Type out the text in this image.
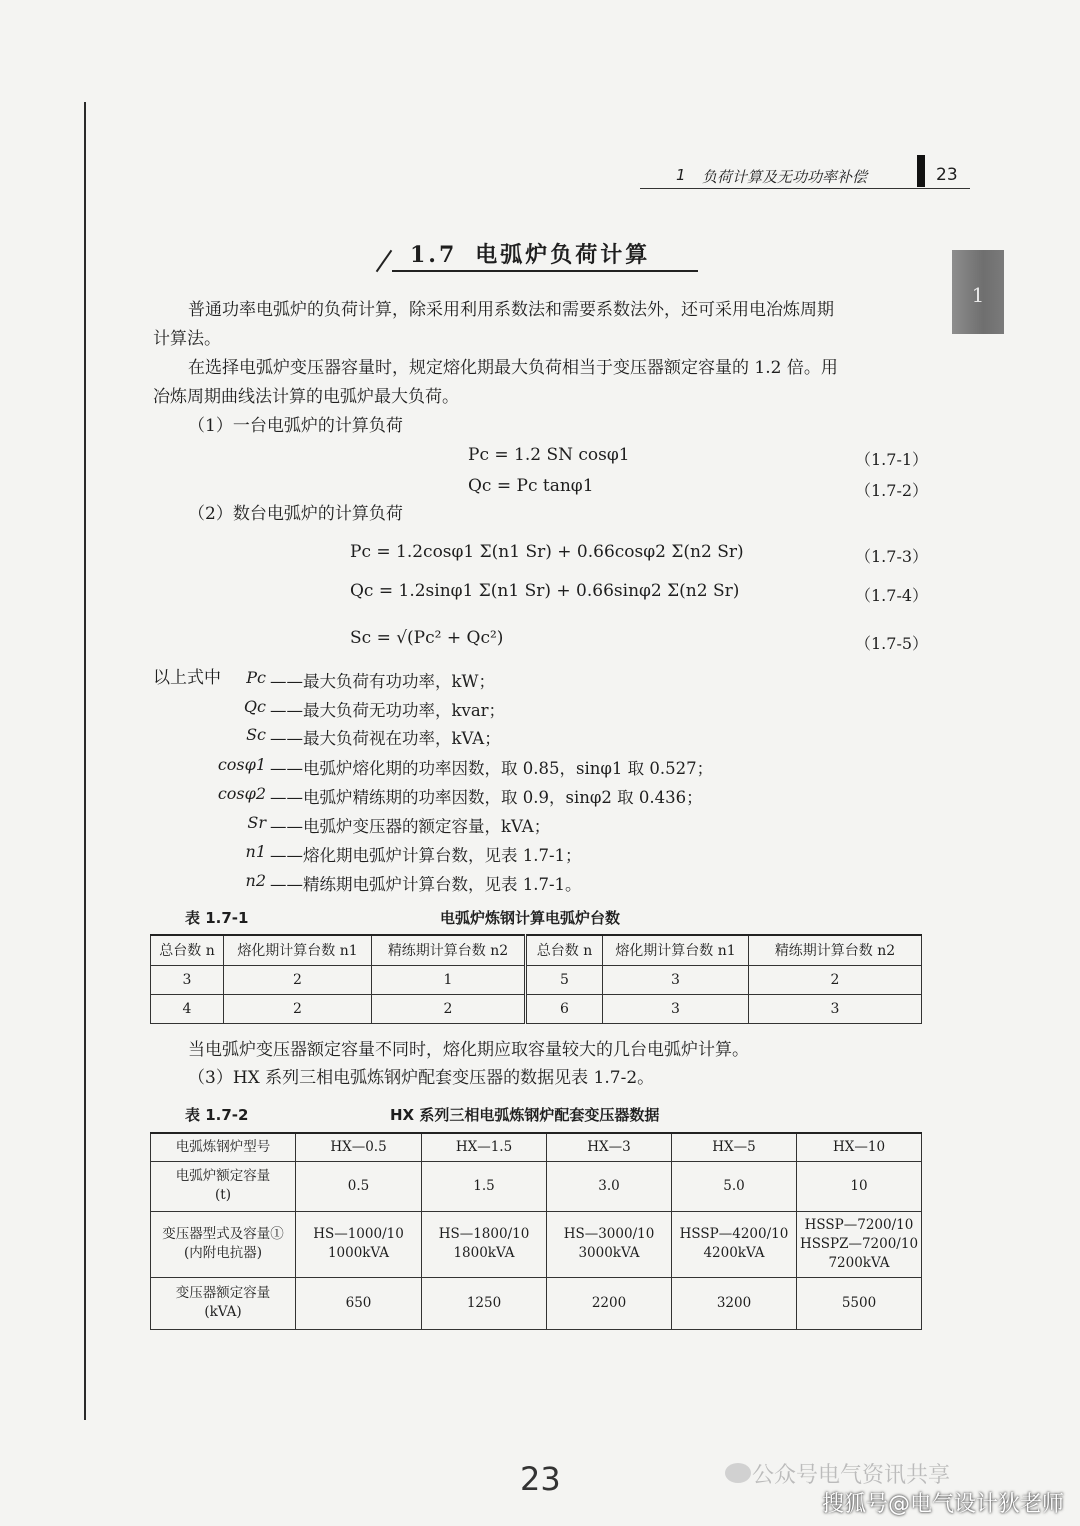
1 负荷计算及无功功率补偿	23
1
1.7 电弧炉负荷计算
普通功率电弧炉的负荷计算，除采用利用系数法和需要系数法外，还可采用电冶炼周期
计算法。
在选择电弧炉变压器容量时，规定熔化期最大负荷相当于变压器额定容量的 1.2 倍。用
冶炼周期曲线法计算的电弧炉最大负荷。
（1）一台电弧炉的计算负荷
Pc = 1.2 SN cosφ1	（1.7-1）
Qc = Pc tanφ1	（1.7-2）
（2）数台电弧炉的计算负荷
Pc = 1.2cosφ1 Σ(n1 Sr) + 0.66cosφ2 Σ(n2 Sr)	（1.7-3）
Qc = 1.2sinφ1 Σ(n1 Sr) + 0.66sinφ2 Σ(n2 Sr)	（1.7-4）
Sc = √(Pc² + Qc²)	（1.7-5）
以上式中	Pc ——最大负荷有功功率，kW；
Qc ——最大负荷无功功率，kvar；
Sc ——最大负荷视在功率，kVA；
cosφ1 ——电弧炉熔化期的功率因数，取 0.85，sinφ1 取 0.527；
cosφ2 ——电弧炉精练期的功率因数，取 0.9，sinφ2 取 0.436；
Sr ——电弧炉变压器的额定容量，kVA；
n1 ——熔化期电弧炉计算台数，见表 1.7-1；
n2 ——精练期电弧炉计算台数，见表 1.7-1。
表 1.7-1	电弧炉炼钢计算电弧炉台数
总台数 n	熔化期计算台数 n1	精练期计算台数 n2	总台数 n	熔化期计算台数 n1	精练期计算台数 n2
3	2	1	5	3	2
4	2	2	6	3	3
当电弧炉变压器额定容量不同时，熔化期应取容量较大的几台电弧炉计算。
（3）HX 系列三相电弧炼钢炉配套变压器的数据见表 1.7-2。
表 1.7-2	HX 系列三相电弧炼钢炉配套变压器数据
电弧炼钢炉型号	HX—0.5	HX—1.5	HX—3	HX—5	HX—10
电弧炉额定容量
(t)	0.5	1.5	3.0	5.0	10
变压器型式及容量①
(内附电抗器)	HS—1000/10
1000kVA	HS—1800/10
1800kVA	HS—3000/10
3000kVA	HSSP—4200/10
4200kVA	HSSP—7200/10
HSSPZ—7200/10
7200kVA
变压器额定容量
(kVA)	650	1250	2200	3200	5500
23	公众号电气资讯共享
搜狐号@电气设计狄老师
